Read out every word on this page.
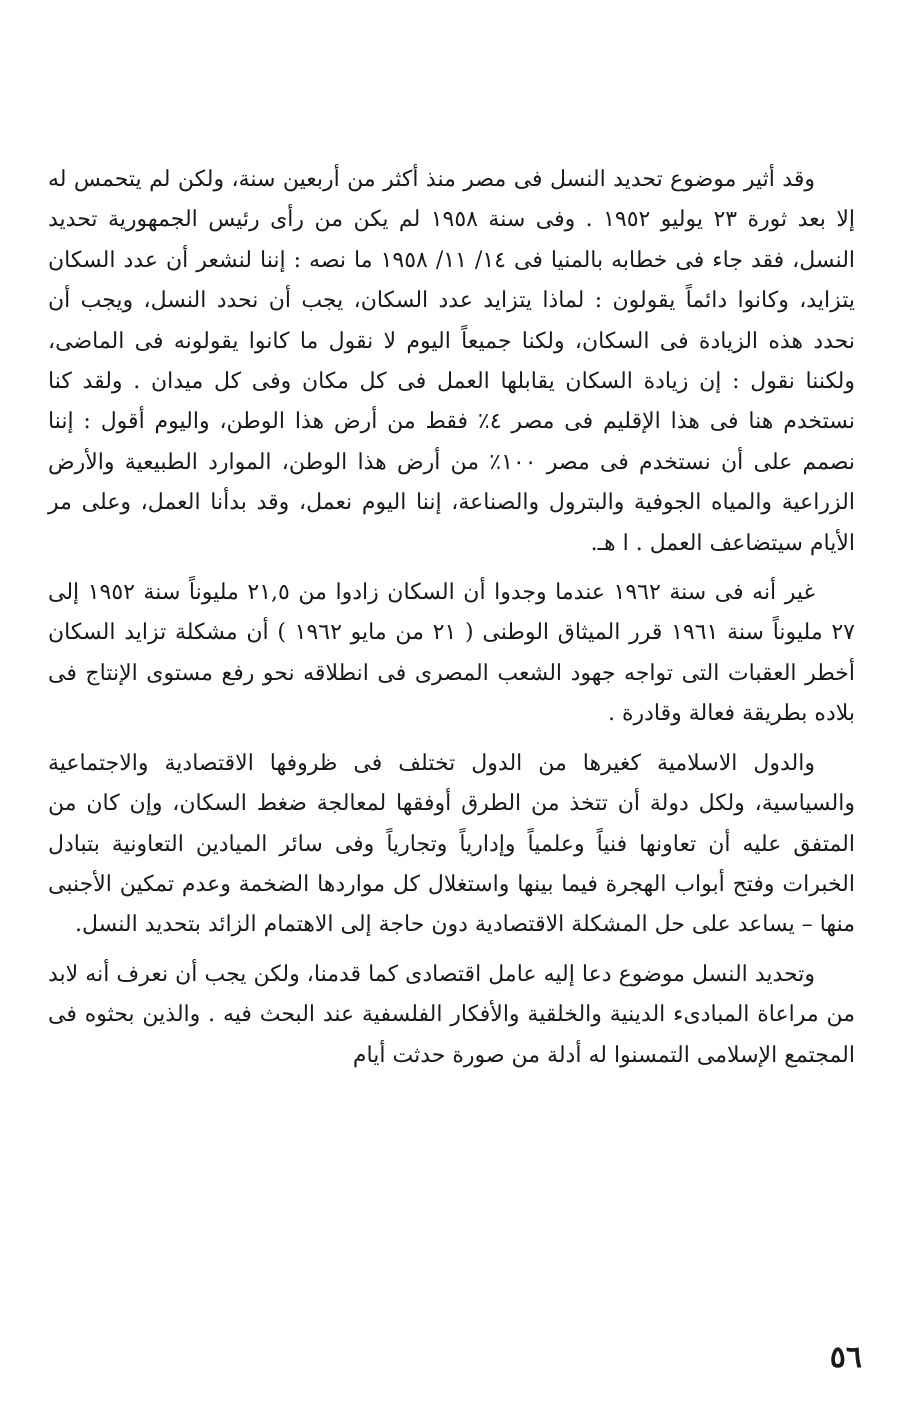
وقد أثير موضوع تحديد النسل فى مصر منذ أكثر من أربعين سنة، ولكن لم يتحمس له إلا بعد ثورة ٢٣ يوليو ١٩٥٢ . وفى سنة ١٩٥٨ لم يكن من رأى رئيس الجمهورية تحديد النسل، فقد جاء فى خطابه بالمنيا فى ١٤/ ١١/ ١٩٥٨ ما نصه : إننا لنشعر أن عدد السكان يتزايد، وكانوا دائماً يقولون : لماذا يتزايد عدد السكان، يجب أن نحدد النسل، ويجب أن نحدد هذه الزيادة فى السكان، ولكنا جميعاً اليوم لا نقول ما كانوا يقولونه فى الماضى، ولكننا نقول : إن زيادة السكان يقابلها العمل فى كل مكان وفى كل ميدان . ولقد كنا نستخدم هنا فى هذا الإقليم فى مصر ٤٪ فقط من أرض هذا الوطن، واليوم أقول : إننا نصمم على أن نستخدم فى مصر ١٠٠٪ من أرض هذا الوطن، الموارد الطبيعية والأرض الزراعية والمياه الجوفية والبترول والصناعة، إننا اليوم نعمل، وقد بدأنا العمل، وعلى مر الأيام سيتضاعف العمل . ا هـ.

غير أنه فى سنة ١٩٦٢ عندما وجدوا أن السكان زادوا من ٢١,٥ مليوناً سنة ١٩٥٢ إلى ٢٧ مليوناً سنة ١٩٦١ قرر الميثاق الوطنى ( ٢١ من مايو ١٩٦٢ ) أن مشكلة تزايد السكان أخطر العقبات التى تواجه جهود الشعب المصرى فى انطلاقه نحو رفع مستوى الإنتاج فى بلاده بطريقة فعالة وقادرة .

والدول الاسلامية كغيرها من الدول تختلف فى ظروفها الاقتصادية والاجتماعية والسياسية، ولكل دولة أن تتخذ من الطرق أوفقها لمعالجة ضغط السكان، وإن كان من المتفق عليه أن تعاونها فنياً وعلمياً وإدارياً وتجارياً وفى سائر الميادين التعاونية بتبادل الخبرات وفتح أبواب الهجرة فيما بينها واستغلال كل مواردها الضخمة وعدم تمكين الأجنبى منها – يساعد على حل المشكلة الاقتصادية دون حاجة إلى الاهتمام الزائد بتحديد النسل.

وتحديد النسل موضوع دعا إليه عامل اقتصادى كما قدمنا، ولكن يجب أن نعرف أنه لابد من مراعاة المبادىء الدينية والخلقية والأفكار الفلسفية عند البحث فيه . والذين بحثوه فى المجتمع الإسلامى التمسنوا له أدلة من صورة حدثت أيام

٥٦
